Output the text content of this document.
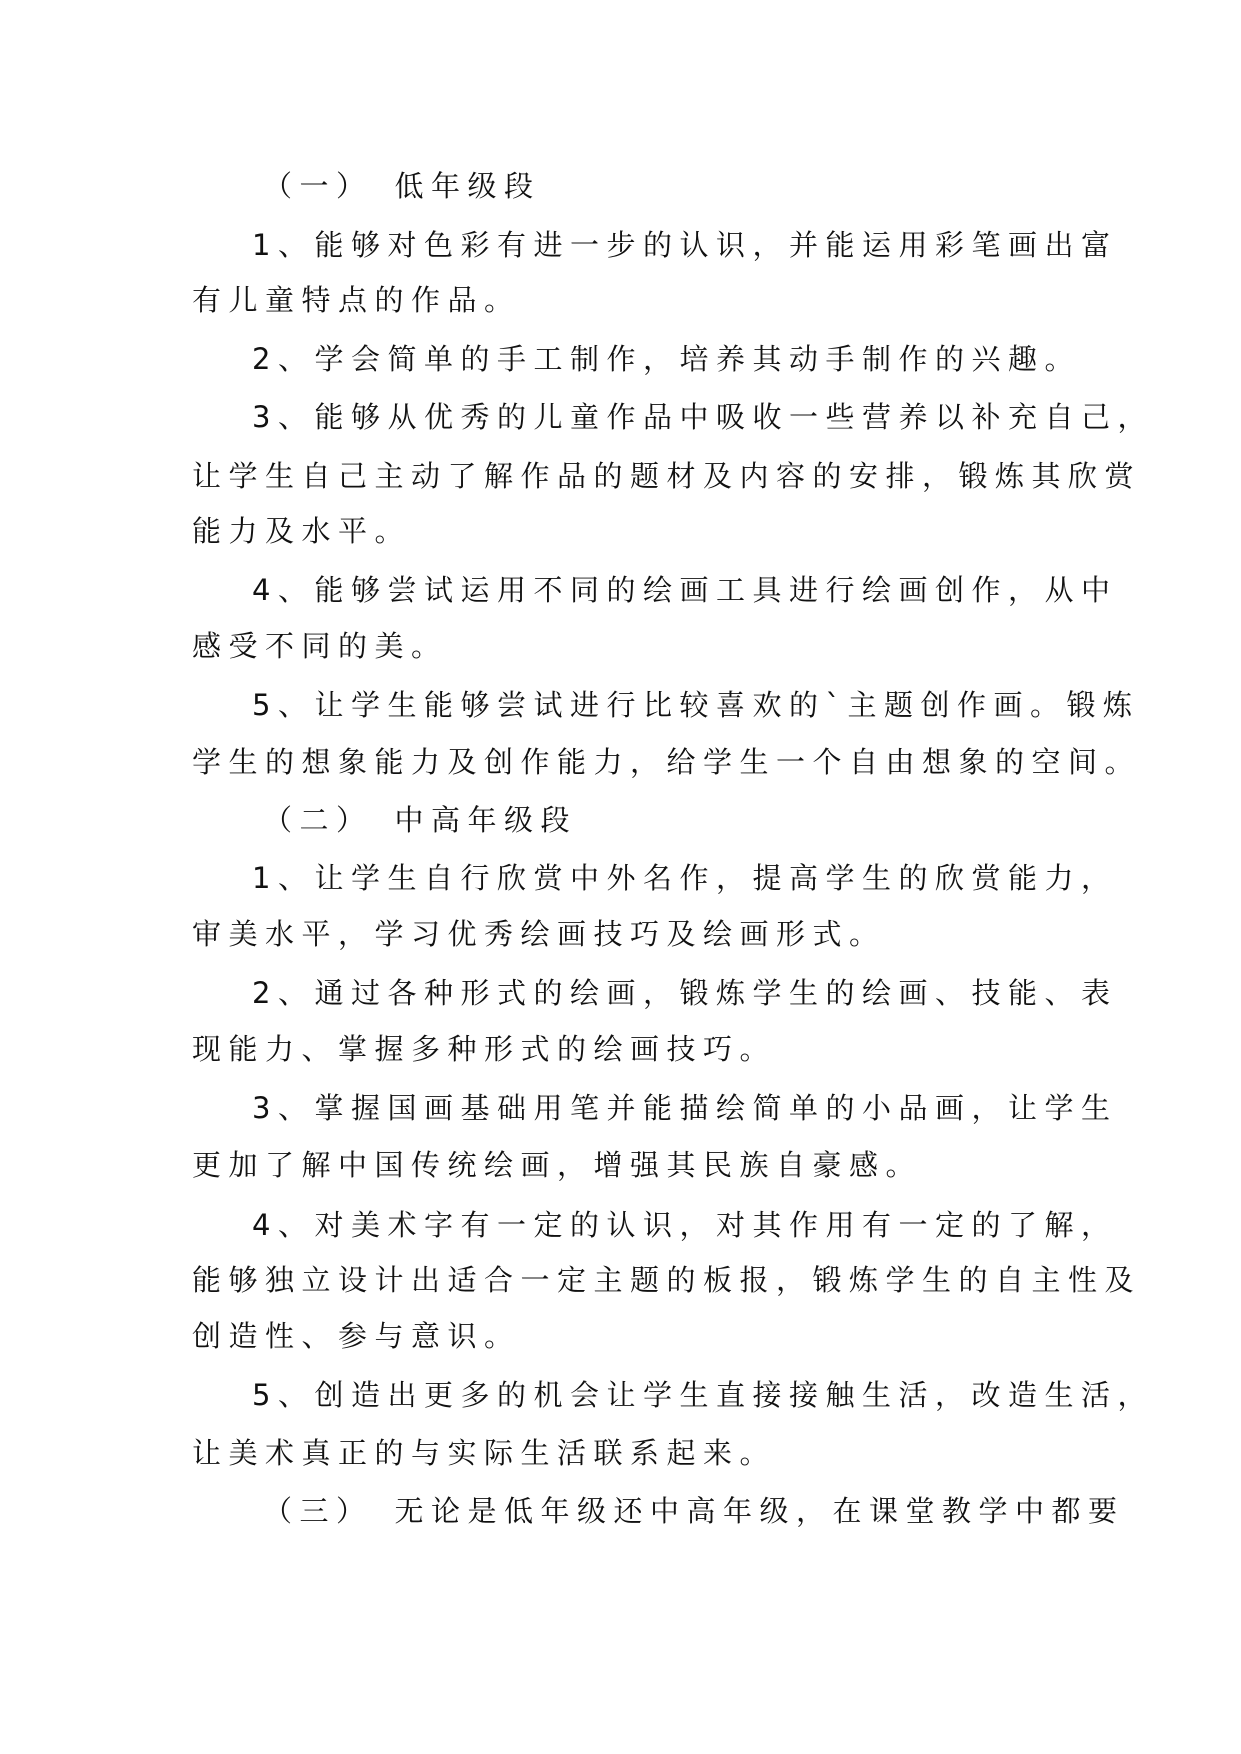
（一）　低年级段
1、能够对色彩有进一步的认识，并能运用彩笔画出富
有儿童特点的作品。
2、学会简单的手工制作，培养其动手制作的兴趣。
3、能够从优秀的儿童作品中吸收一些营养以补充自己，
让学生自己主动了解作品的题材及内容的安排，锻炼其欣赏
能力及水平。
4、能够尝试运用不同的绘画工具进行绘画创作，从中
感受不同的美。
5、让学生能够尝试进行比较喜欢的`主题创作画。锻炼
学生的想象能力及创作能力，给学生一个自由想象的空间。
（二）　中高年级段
1、让学生自行欣赏中外名作，提高学生的欣赏能力，
审美水平，学习优秀绘画技巧及绘画形式。
2、通过各种形式的绘画，锻炼学生的绘画、技能、表
现能力、掌握多种形式的绘画技巧。
3、掌握国画基础用笔并能描绘简单的小品画，让学生
更加了解中国传统绘画，增强其民族自豪感。
4、对美术字有一定的认识，对其作用有一定的了解，
能够独立设计出适合一定主题的板报，锻炼学生的自主性及
创造性、参与意识。
5、创造出更多的机会让学生直接接触生活，改造生活，
让美术真正的与实际生活联系起来。
（三）　无论是低年级还中高年级，在课堂教学中都要
